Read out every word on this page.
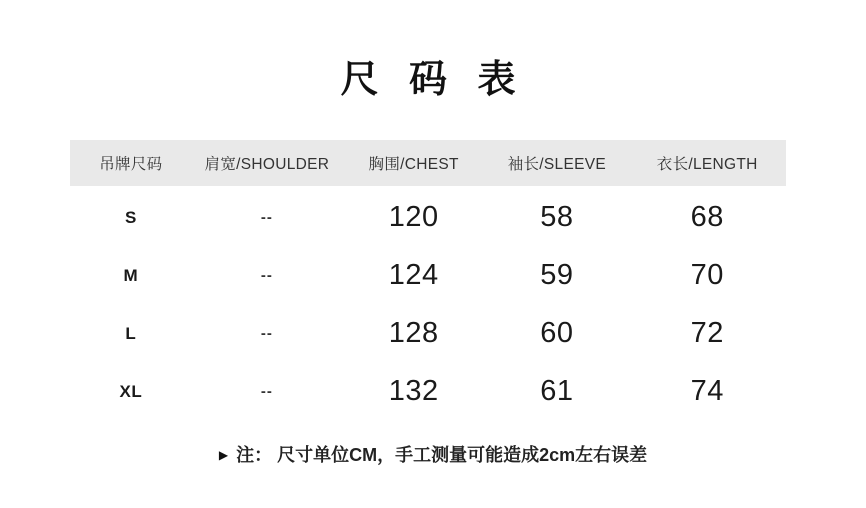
尺 码 表
吊牌尺码	肩宽/SHOULDER	胸围/CHEST	袖长/SLEEVE	衣长/LENGTH
S	--	120	58	68
M	--	124	59	70
L	--	128	60	72
XL	--	132	61	74
▶ 注： 尺寸单位CM，手工测量可能造成2cm左右误差
